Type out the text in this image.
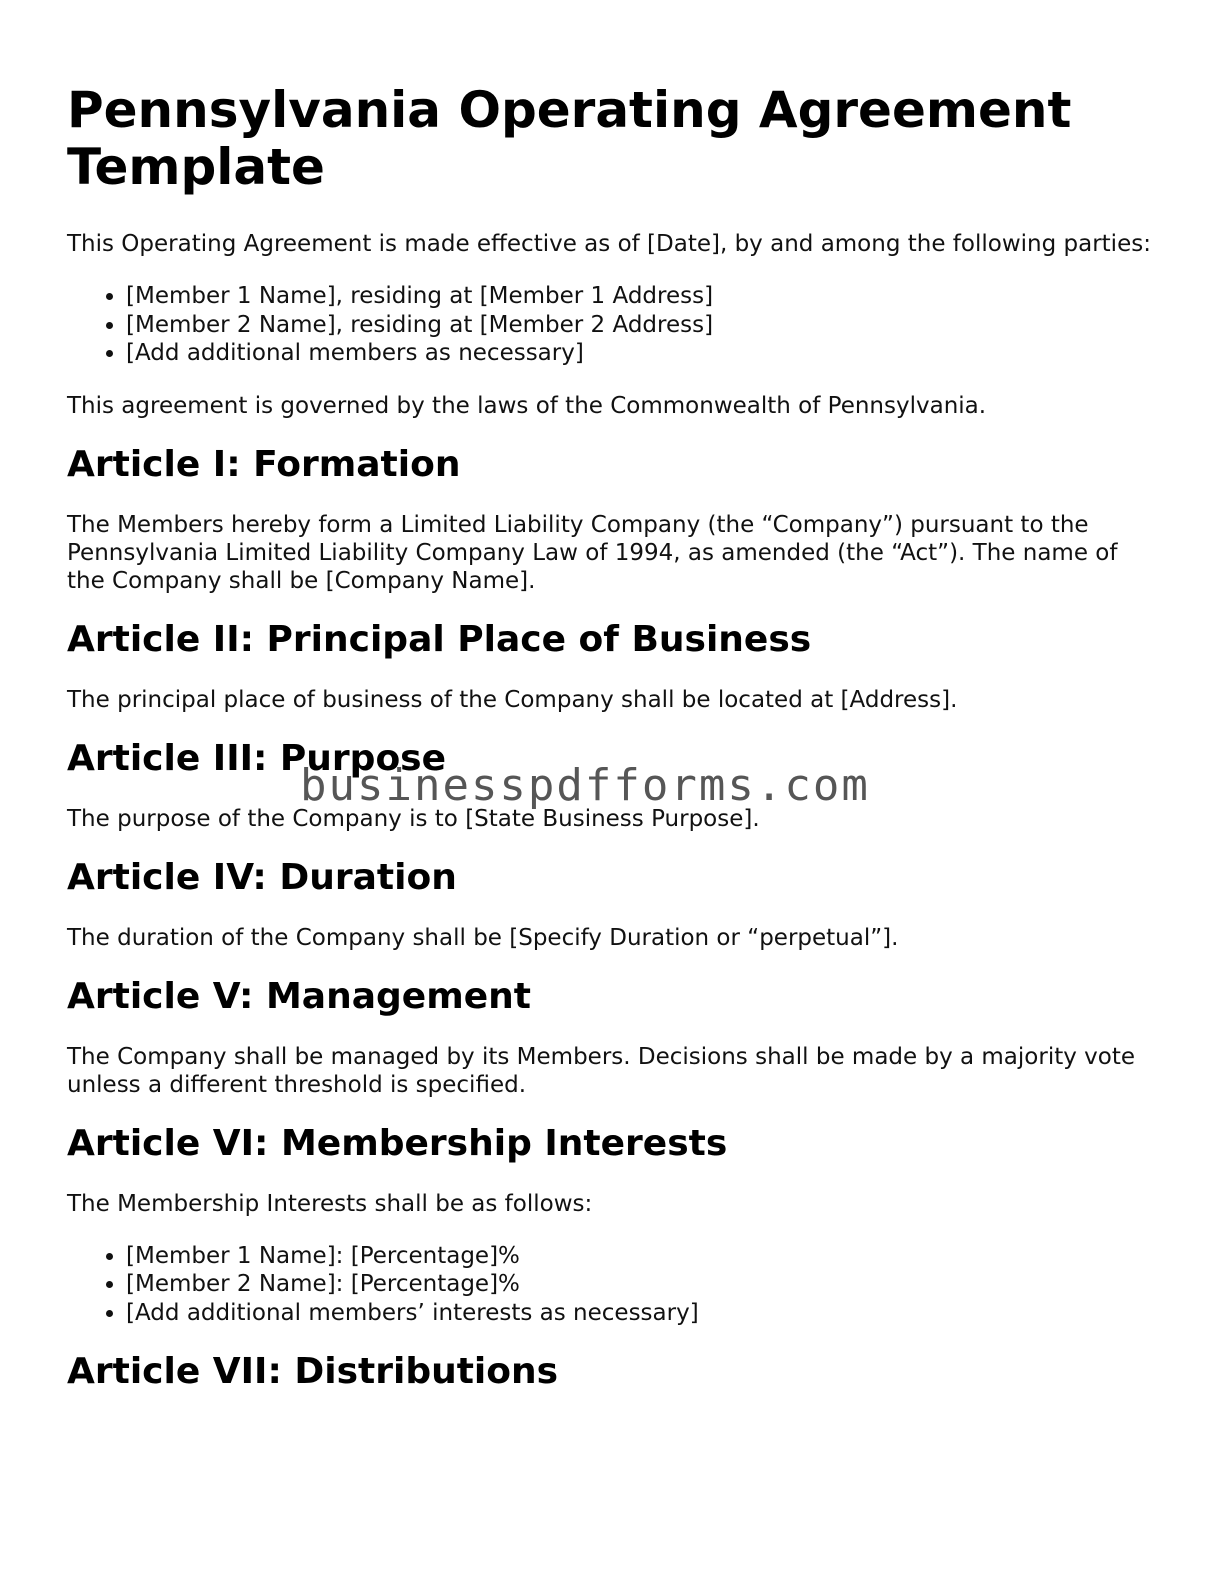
Pennsylvania Operating Agreement Template

This Operating Agreement is made effective as of [Date], by and among the following parties:

• [Member 1 Name], residing at [Member 1 Address]
• [Member 2 Name], residing at [Member 2 Address]
• [Add additional members as necessary]

This agreement is governed by the laws of the Commonwealth of Pennsylvania.

Article I: Formation

The Members hereby form a Limited Liability Company (the “Company”) pursuant to the Pennsylvania Limited Liability Company Law of 1994, as amended (the “Act”). The name of the Company shall be [Company Name].

Article II: Principal Place of Business

The principal place of business of the Company shall be located at [Address].

Article III: Purpose

The purpose of the Company is to [State Business Purpose].

Article IV: Duration

The duration of the Company shall be [Specify Duration or “perpetual”].

Article V: Management

The Company shall be managed by its Members. Decisions shall be made by a majority vote unless a different threshold is specified.

Article VI: Membership Interests

The Membership Interests shall be as follows:

• [Member 1 Name]: [Percentage]%
• [Member 2 Name]: [Percentage]%
• [Add additional members’ interests as necessary]
Article VII: Distributions
businesspdfforms.com
